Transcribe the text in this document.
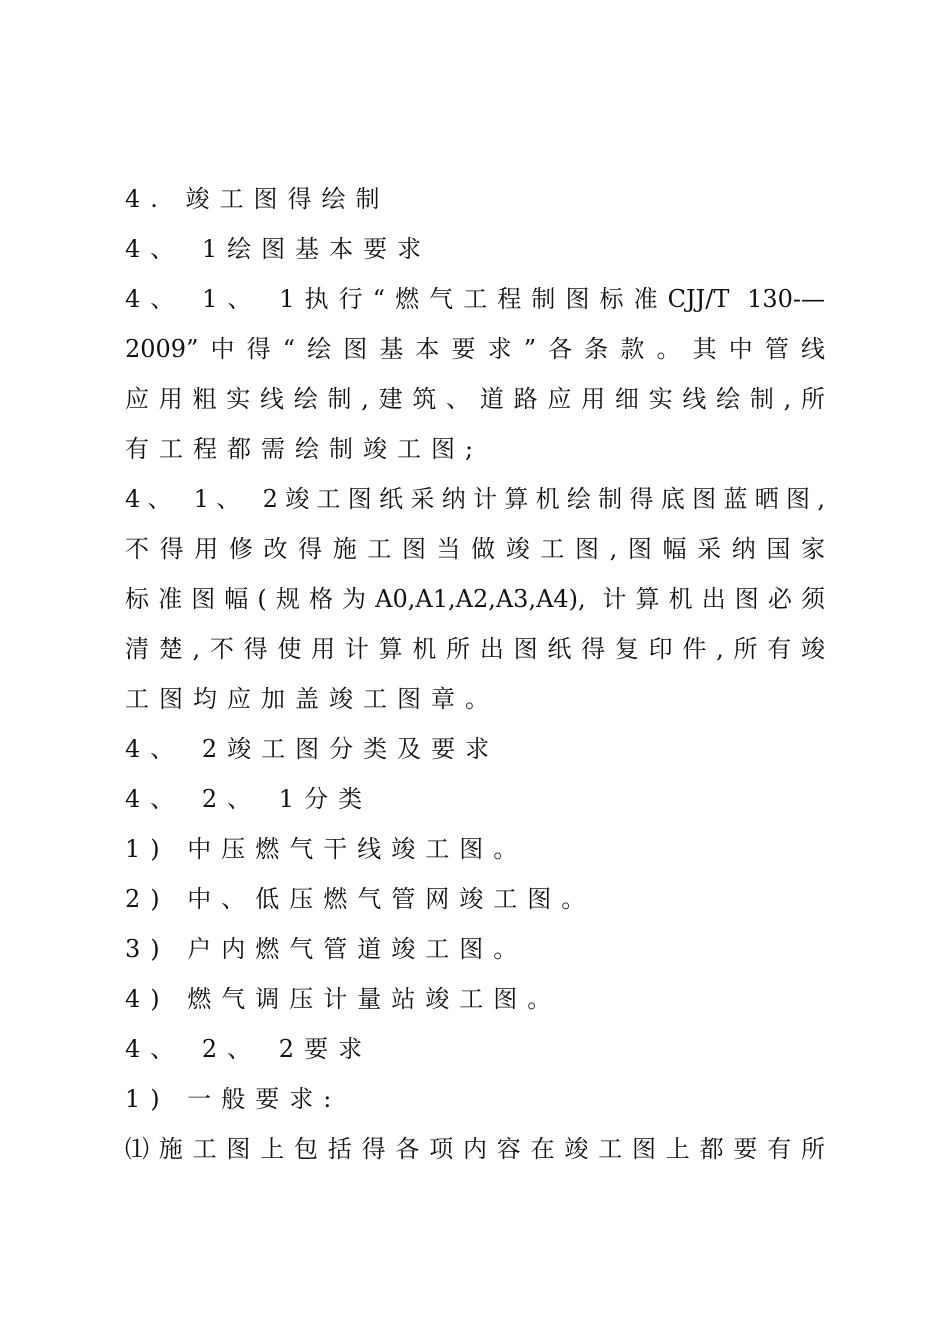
4. 竣工图得绘制
4、 1绘图基本要求
4、 1、 1执行“燃气工程制图标准CJJ/T 130-—
2009”中得“绘图基本要求”各条款。其中管线
应用粗实线绘制,建筑、道路应用细实线绘制,所
有工程都需绘制竣工图;
4、 1、 2竣工图纸采纳计算机绘制得底图蓝晒图,
不得用修改得施工图当做竣工图,图幅采纳国家
标准图幅(规格为A0,A1,A2,A3,A4), 计算机出图必须
清楚,不得使用计算机所出图纸得复印件,所有竣
工图均应加盖竣工图章。
4、 2竣工图分类及要求
4、 2、 1分类
1) 中压燃气干线竣工图。
2) 中、低压燃气管网竣工图。
3) 户内燃气管道竣工图。
4) 燃气调压计量站竣工图。
4、 2、 2要求
1) 一般要求:
⑴施工图上包括得各项内容在竣工图上都要有所
